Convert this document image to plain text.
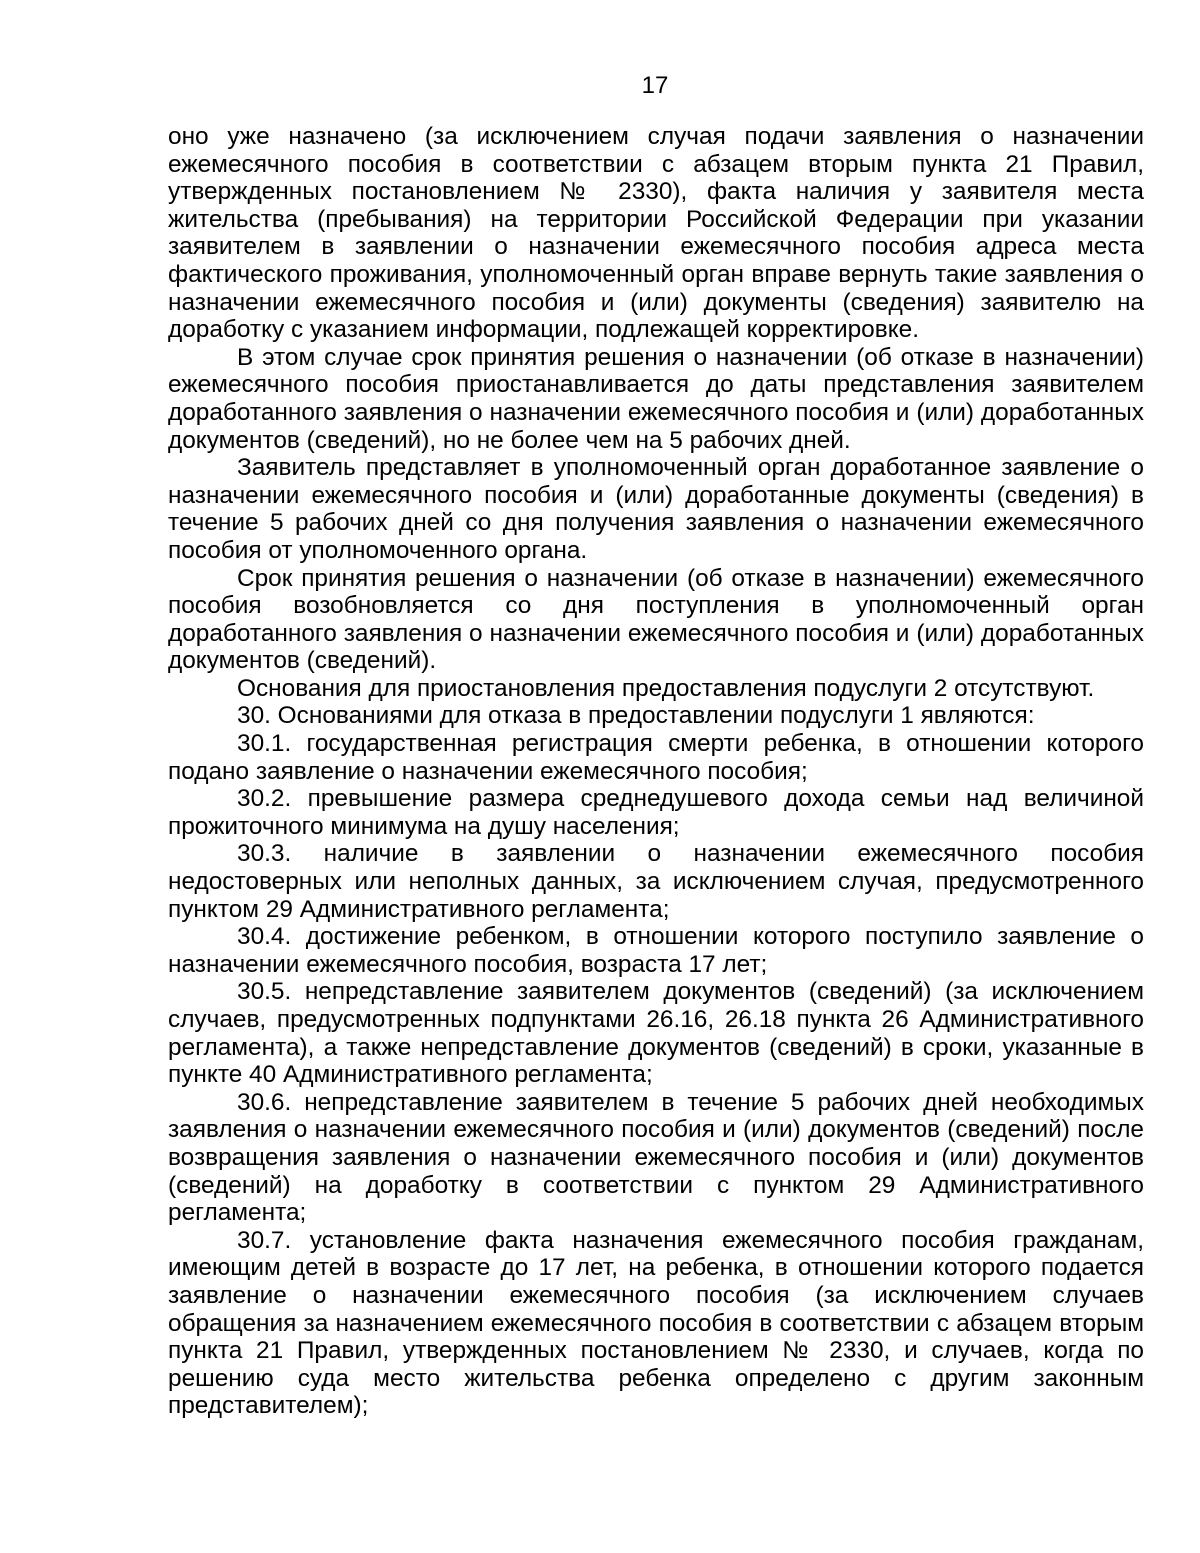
17

оно уже назначено (за исключением случая подачи заявления о назначении ежемесячного пособия в соответствии с абзацем вторым пункта 21 Правил, утвержденных постановлением № 2330), факта наличия у заявителя места жительства (пребывания) на территории Российской Федерации при указании заявителем в заявлении о назначении ежемесячного пособия адреса места фактического проживания, уполномоченный орган вправе вернуть такие заявления о назначении ежемесячного пособия и (или) документы (сведения) заявителю на доработку с указанием информации, подлежащей корректировке.

В этом случае срок принятия решения о назначении (об отказе в назначении) ежемесячного пособия приостанавливается до даты представления заявителем доработанного заявления о назначении ежемесячного пособия и (или) доработанных документов (сведений), но не более чем на 5 рабочих дней.

Заявитель представляет в уполномоченный орган доработанное заявление о назначении ежемесячного пособия и (или) доработанные документы (сведения) в течение 5 рабочих дней со дня получения заявления о назначении ежемесячного пособия от уполномоченного органа.

Срок принятия решения о назначении (об отказе в назначении) ежемесячного пособия возобновляется со дня поступления в уполномоченный орган доработанного заявления о назначении ежемесячного пособия и (или) доработанных документов (сведений).

Основания для приостановления предоставления подуслуги 2 отсутствуют.

30. Основаниями для отказа в предоставлении подуслуги 1 являются:

30.1. государственная регистрация смерти ребенка, в отношении которого подано заявление о назначении ежемесячного пособия;

30.2. превышение размера среднедушевого дохода семьи над величиной прожиточного минимума на душу населения;

30.3. наличие в заявлении о назначении ежемесячного пособия недостоверных или неполных данных, за исключением случая, предусмотренного пунктом 29 Административного регламента;

30.4. достижение ребенком, в отношении которого поступило заявление о назначении ежемесячного пособия, возраста 17 лет;

30.5. непредставление заявителем документов (сведений) (за исключением случаев, предусмотренных подпунктами 26.16, 26.18 пункта 26 Административного регламента), а также непредставление документов (сведений) в сроки, указанные в пункте 40 Административного регламента;

30.6. непредставление заявителем в течение 5 рабочих дней необходимых заявления о назначении ежемесячного пособия и (или) документов (сведений) после возвращения заявления о назначении ежемесячного пособия и (или) документов (сведений) на доработку в соответствии с пунктом 29 Административного регламента;

30.7. установление факта назначения ежемесячного пособия гражданам, имеющим детей в возрасте до 17 лет, на ребенка, в отношении которого подается заявление о назначении ежемесячного пособия (за исключением случаев обращения за назначением ежемесячного пособия в соответствии с абзацем вторым пункта 21 Правил, утвержденных постановлением № 2330, и случаев, когда по решению суда место жительства ребенка определено с другим законным представителем);
